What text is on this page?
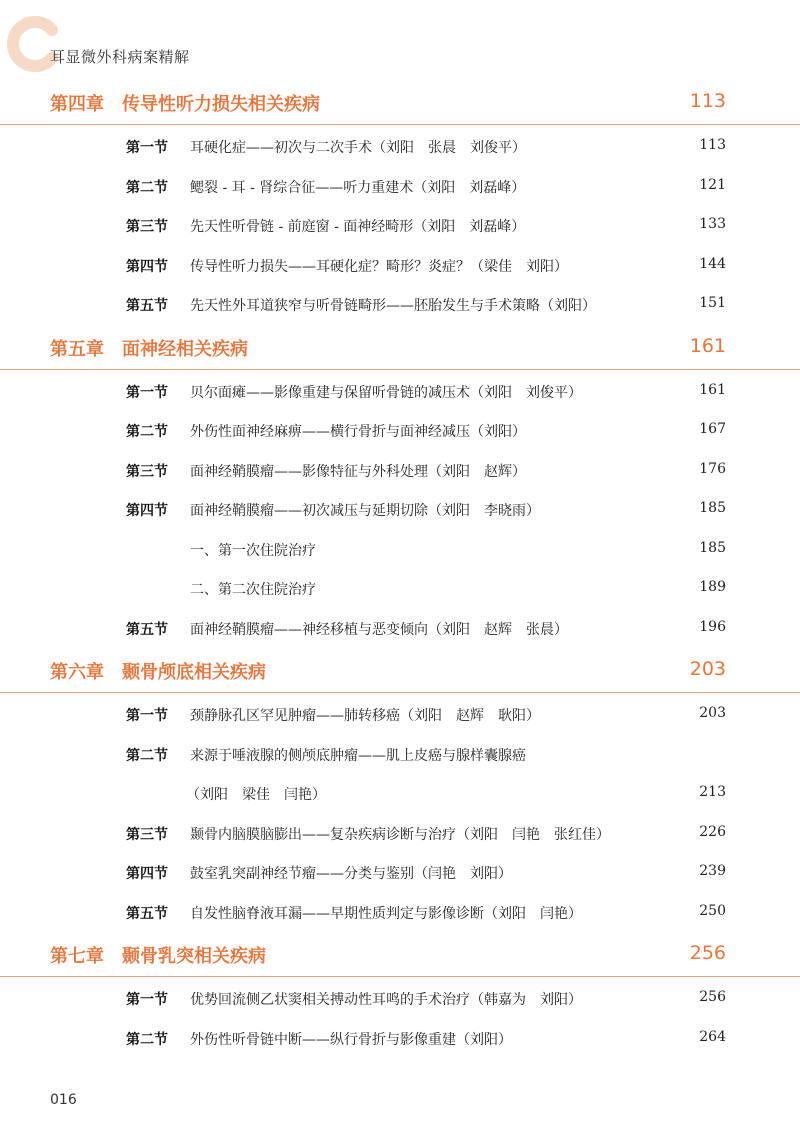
耳显微外科病案精解
第四章 传导性听力损失相关疾病	113
第一节 耳硬化症——初次与二次手术（刘阳　张晨　刘俊平）	113
第二节 鳃裂 - 耳 - 肾综合征——听力重建术（刘阳　刘磊峰）	121
第三节 先天性听骨链 - 前庭窗 - 面神经畸形（刘阳　刘磊峰）	133
第四节 传导性听力损失——耳硬化症？畸形？炎症？（梁佳　刘阳）	144
第五节 先天性外耳道狭窄与听骨链畸形——胚胎发生与手术策略（刘阳）	151
第五章 面神经相关疾病	161
第一节 贝尔面瘫——影像重建与保留听骨链的减压术（刘阳　刘俊平）	161
第二节 外伤性面神经麻痹——横行骨折与面神经减压（刘阳）	167
第三节 面神经鞘膜瘤——影像特征与外科处理（刘阳　赵辉）	176
第四节 面神经鞘膜瘤——初次减压与延期切除（刘阳　李晓雨）	185
一、第一次住院治疗	185
二、第二次住院治疗	189
第五节 面神经鞘膜瘤——神经移植与恶变倾向（刘阳　赵辉　张晨）	196
第六章 颞骨颅底相关疾病	203
第一节 颈静脉孔区罕见肿瘤——肺转移癌（刘阳　赵辉　耿阳）	203
第二节 来源于唾液腺的侧颅底肿瘤——肌上皮癌与腺样囊腺癌
（刘阳　梁佳　闫艳）	213
第三节 颞骨内脑膜脑膨出——复杂疾病诊断与治疗（刘阳　闫艳　张红佳）	226
第四节 鼓室乳突副神经节瘤——分类与鉴别（闫艳　刘阳）	239
第五节 自发性脑脊液耳漏——早期性质判定与影像诊断（刘阳　闫艳）	250
第七章 颞骨乳突相关疾病	256
第一节 优势回流侧乙状窦相关搏动性耳鸣的手术治疗（韩嘉为　刘阳）	256
第二节 外伤性听骨链中断——纵行骨折与影像重建（刘阳）	264
016
